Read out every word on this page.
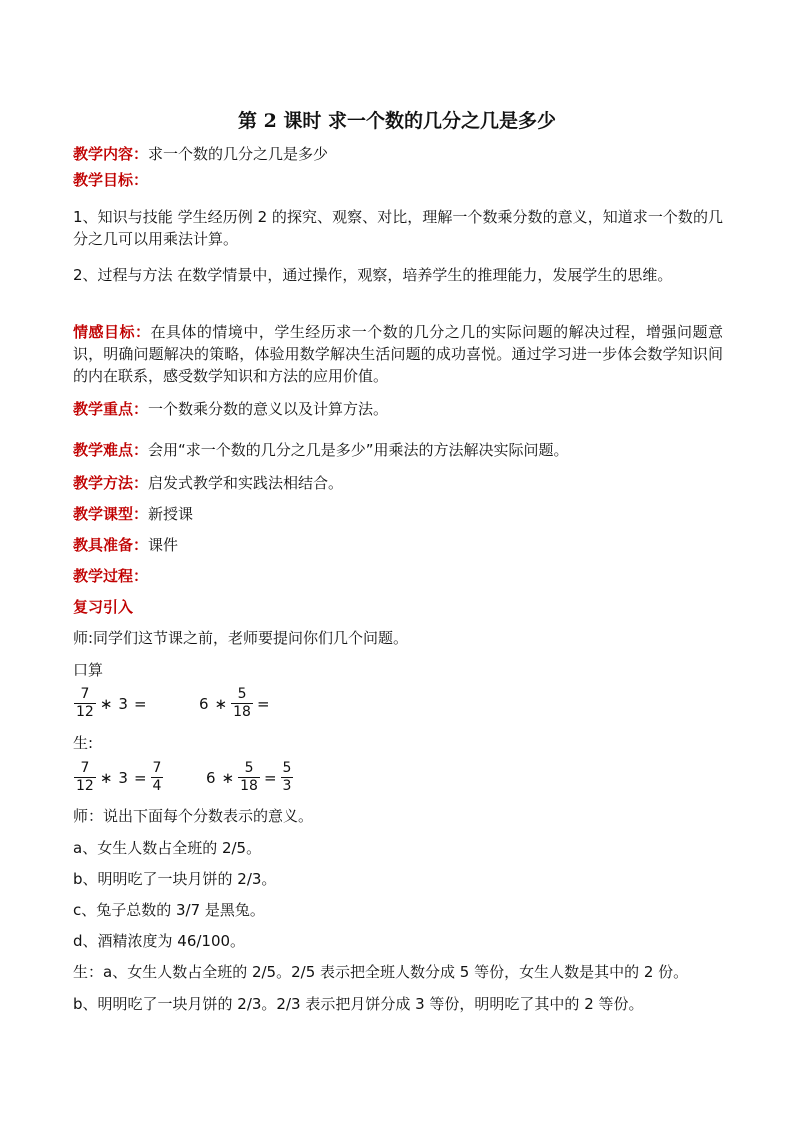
第 2 课时 求一个数的几分之几是多少
教学内容：求一个数的几分之几是多少
教学目标：
1、知识与技能 学生经历例 2 的探究、观察、对比，理解一个数乘分数的意义，知道求一个数的几分之几可以用乘法计算。
2、过程与方法 在数学情景中，通过操作，观察，培养学生的推理能力，发展学生的思维。
情感目标：在具体的情境中，学生经历求一个数的几分之几的实际问题的解决过程，增强问题意识，明确问题解决的策略，体验用数学解决生活问题的成功喜悦。通过学习进一步体会数学知识间的内在联系，感受数学知识和方法的应用价值。
教学重点：一个数乘分数的意义以及计算方法。
教学难点：会用“求一个数的几分之几是多少”用乘法的方法解决实际问题。
教学方法：启发式教学和实践法相结合。
教学课型：新授课
教具准备：课件
教学过程：
复习引入
师:同学们这节课之前，老师要提问你们几个问题。
口算
$\frac{7}{12}$ ∗ 3 =	6 ∗ $\frac{5}{18}$ =
生:
$\frac{7}{12}$ ∗ $3 = \frac{7}{4}$	6 ∗ $\frac{5}{18} = \frac{5}{3}$
师：说出下面每个分数表示的意义。
a、女生人数占全班的 2/5。
b、明明吃了一块月饼的 2/3。
c、兔子总数的 3/7 是黑兔。
d、酒精浓度为 46/100。
生：a、女生人数占全班的 2/5。2/5 表示把全班人数分成 5 等份，女生人数是其中的 2 份。
b、明明吃了一块月饼的 2/3。2/3 表示把月饼分成 3 等份，明明吃了其中的 2 等份。
